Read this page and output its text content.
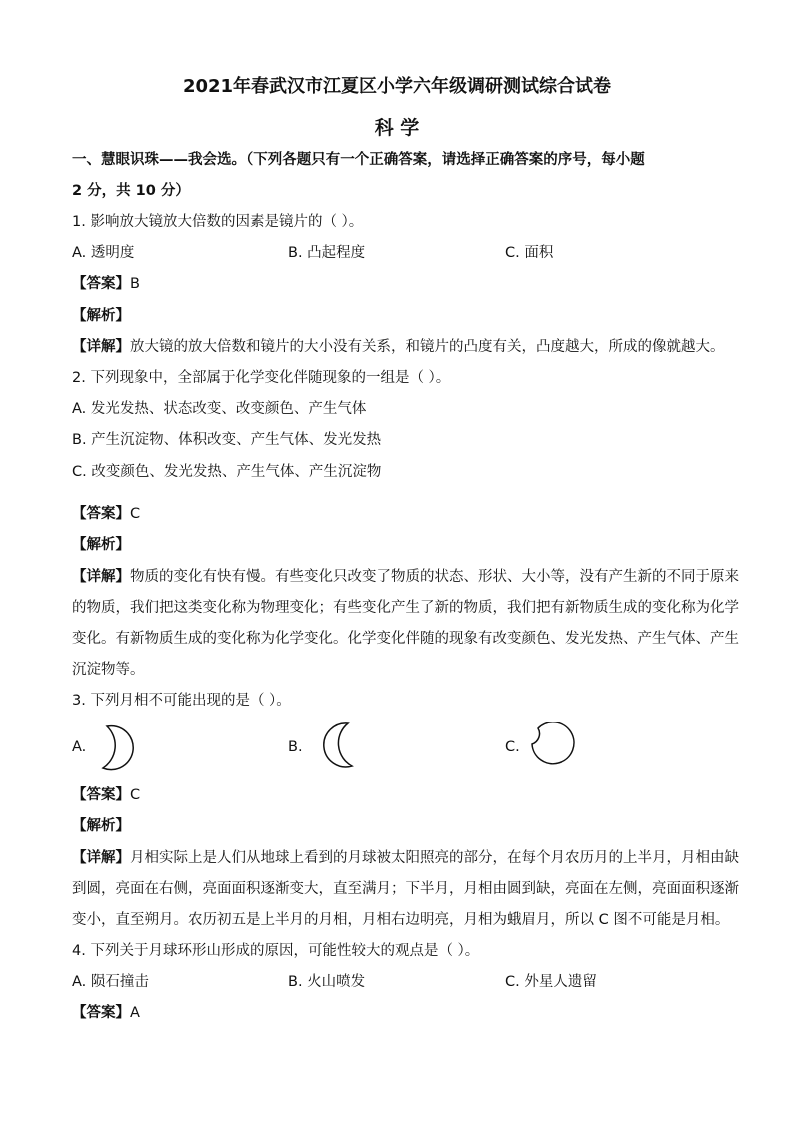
2021年春武汉市江夏区小学六年级调研测试综合试卷
科 学
一、慧眼识珠——我会选。（下列各题只有一个正确答案，请选择正确答案的序号，每小题
2 分，共 10 分）
1. 影响放大镜放大倍数的因素是镜片的（ ）。
A. 透明度	B. 凸起程度	C. 面积
【答案】B
【解析】
【详解】放大镜的放大倍数和镜片的大小没有关系，和镜片的凸度有关，凸度越大，所成的像就越大。
2. 下列现象中，全部属于化学变化伴随现象的一组是（ ）。
A. 发光发热、状态改变、改变颜色、产生气体
B. 产生沉淀物、体积改变、产生气体、发光发热
C. 改变颜色、发光发热、产生气体、产生沉淀物
【答案】C
【解析】
【详解】物质的变化有快有慢。有些变化只改变了物质的状态、形状、大小等，没有产生新的不同于原来
的物质，我们把这类变化称为物理变化；有些变化产生了新的物质，我们把有新物质生成的变化称为化学
变化。有新物质生成的变化称为化学变化。化学变化伴随的现象有改变颜色、发光发热、产生气体、产生
沉淀物等。
3. 下列月相不可能出现的是（ ）。
A.	B.	C.
【答案】C
【解析】
【详解】月相实际上是人们从地球上看到的月球被太阳照亮的部分，在每个月农历月的上半月，月相由缺
到圆，亮面在右侧，亮面面积逐渐变大，直至满月；下半月，月相由圆到缺，亮面在左侧，亮面面积逐渐
变小，直至朔月。农历初五是上半月的月相，月相右边明亮，月相为蛾眉月，所以 C 图不可能是月相。
4. 下列关于月球环形山形成的原因，可能性较大的观点是（ ）。
A. 陨石撞击	B. 火山喷发	C. 外星人遗留
【答案】A
